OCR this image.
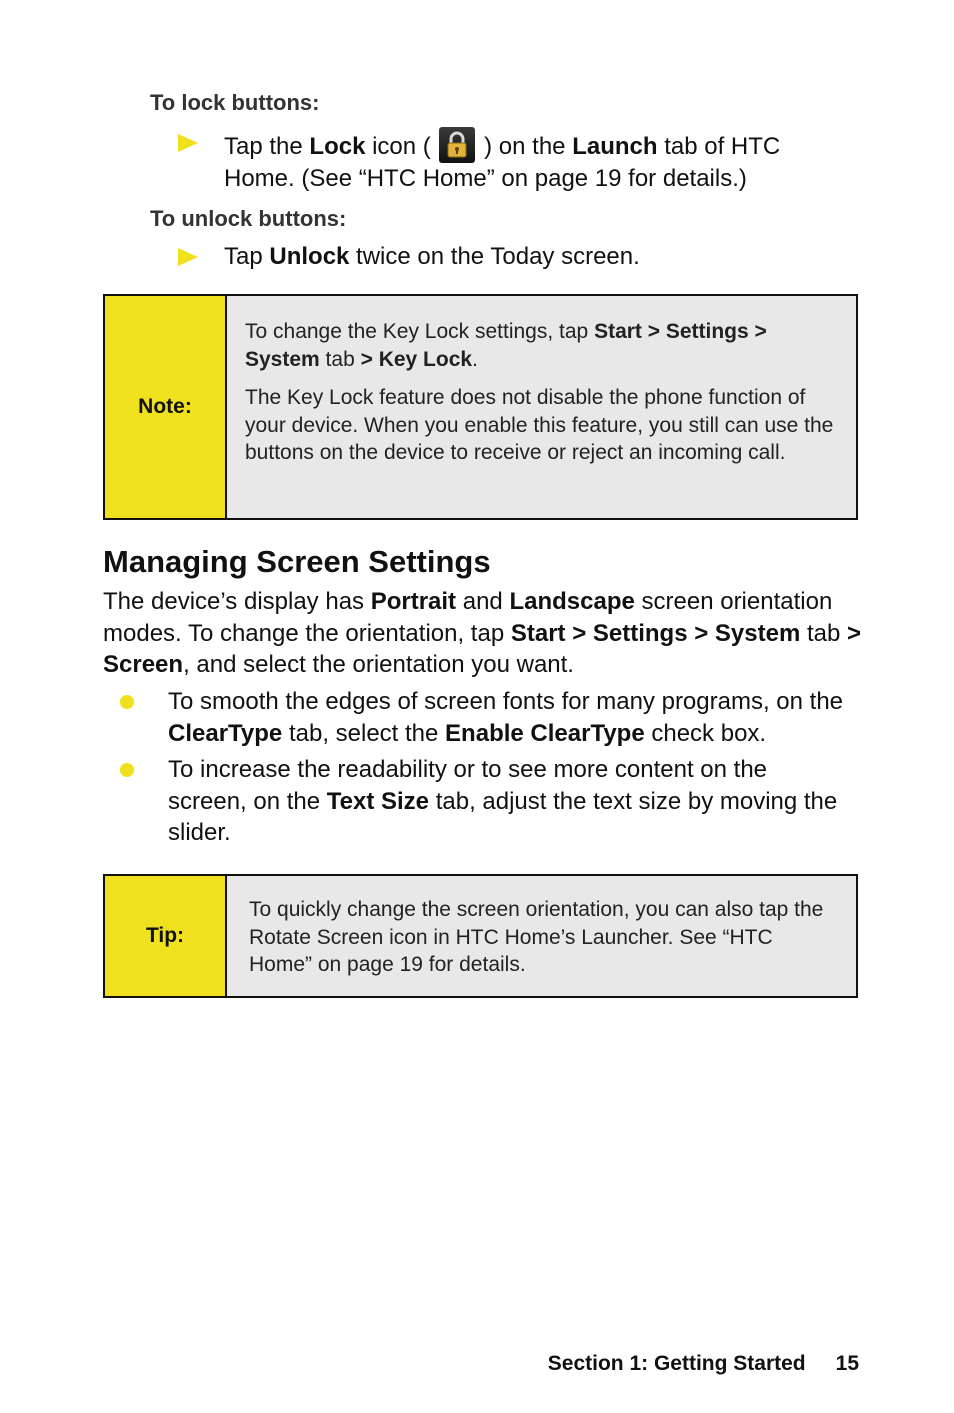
To lock buttons:
Tap the Lock icon (
) on the Launch tab of HTC Home. (See “HTC Home” on page 19 for details.)
To unlock buttons:
Tap Unlock twice on the Today screen.
Note:

To change the Key Lock settings, tap Start > Settings > System tab > Key Lock.

The Key Lock feature does not disable the phone function of your device. When you enable this feature, you still can use the buttons on the device to receive or reject an incoming call.

Managing Screen Settings
The device’s display has Portrait and Landscape screen orientation modes. To change the orientation, tap Start > Settings > System tab > Screen, and select the orientation you want.
To smooth the edges of screen fonts for many programs, on the ClearType tab, select the Enable ClearType check box.
To increase the readability or to see more content on the screen, on the Text Size tab, adjust the text size by moving the slider.
Tip:

To quickly change the screen orientation, you can also tap the Rotate Screen icon in HTC Home’s Launcher. See “HTC Home” on page 19 for details.

Section 1: Getting Started 15
